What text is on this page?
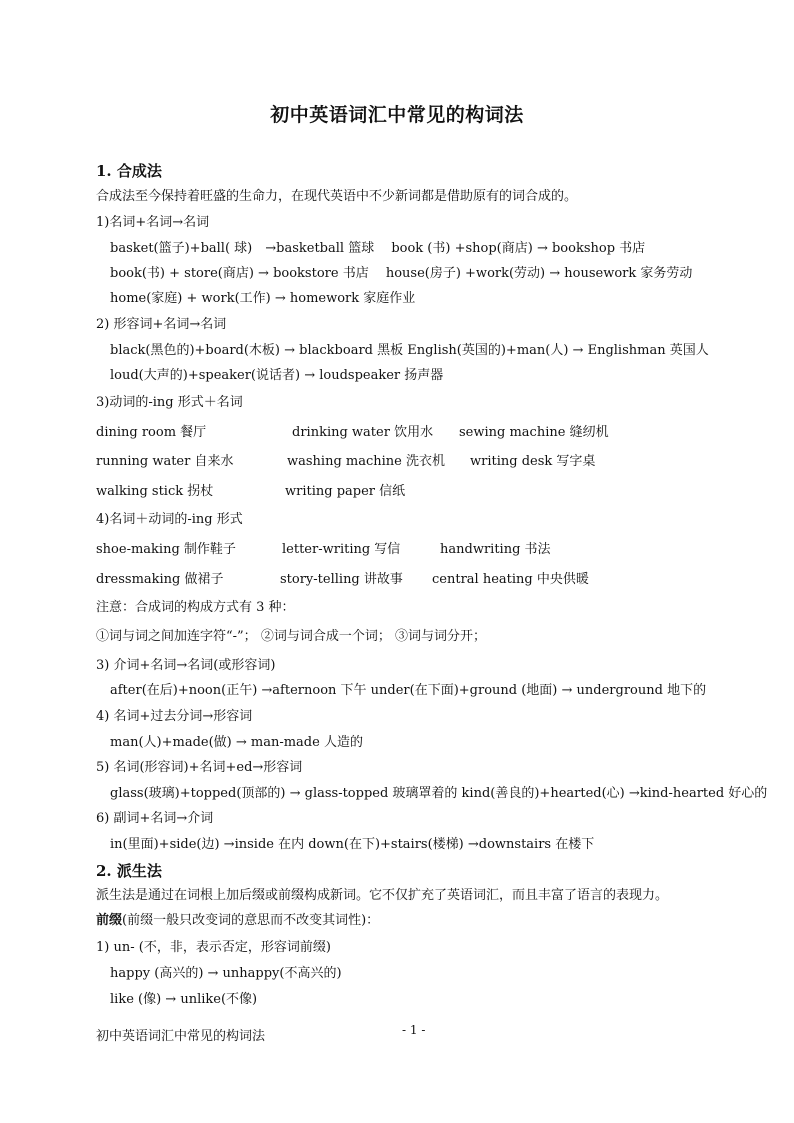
初中英语词汇中常见的构词法
1. 合成法
合成法至今保持着旺盛的生命力，在现代英语中不少新词都是借助原有的词合成的。
1)名词+名词→名词
basket(篮子)+ball( 球)　→basketball 篮球　 book (书) +shop(商店) → bookshop 书店
book(书) + store(商店) → bookstore 书店　 house(房子) +work(劳动) → housework 家务劳动
home(家庭) + work(工作) → homework 家庭作业
2) 形容词+名词→名词
black(黑色的)+board(木板) → blackboard 黑板 English(英国的)+man(人) → Englishman 英国人
loud(大声的)+speaker(说话者) → loudspeaker 扬声器
3)动词的-ing 形式＋名词
dining room 餐厅	drinking water 饮用水 sewing machine 缝纫机
running water 自来水	washing machine 洗衣机 writing desk 写字桌
walking stick 拐杖	writing paper 信纸
4)名词＋动词的-ing 形式
shoe-making 制作鞋子	letter-writing 写信	handwriting 书法
dressmaking 做裙子	story-telling 讲故事 central heating 中央供暖
注意：合成词的构成方式有 3 种：
①词与词之间加连字符“-”； ②词与词合成一个词； ③词与词分开；
3) 介词+名词→名词(或形容词)
after(在后)+noon(正午) →afternoon 下午 under(在下面)+ground (地面) → underground 地下的
4) 名词+过去分词→形容词
man(人)+made(做) → man-made 人造的
5) 名词(形容词)+名词+ed→形容词
glass(玻璃)+topped(顶部的) → glass-topped 玻璃罩着的 kind(善良的)+hearted(心) →kind-hearted 好心的
6) 副词+名词→介词
in(里面)+side(边) →inside 在内 down(在下)+stairs(楼梯) →downstairs 在楼下
2. 派生法
派生法是通过在词根上加后缀或前缀构成新词。它不仅扩充了英语词汇，而且丰富了语言的表现力。
前缀(前缀一般只改变词的意思而不改变其词性)：
1) un- (不，非，表示否定，形容词前缀)
happy (高兴的) → unhappy(不高兴的)
like (像) → unlike(不像)
初中英语词汇中常见的构词法	- 1 -
